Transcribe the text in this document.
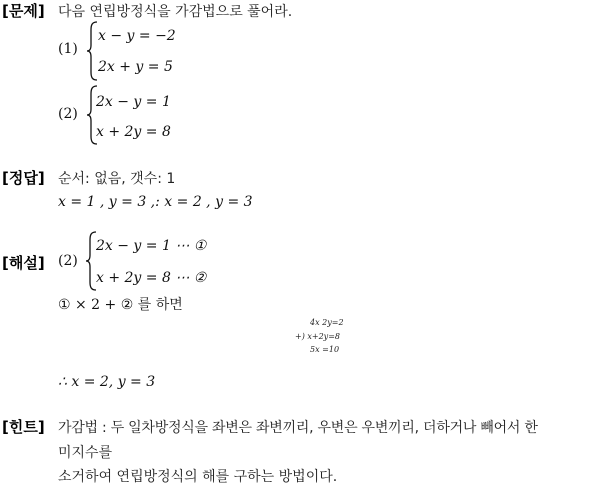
[문제] 다음 연립방정식을 가감법으로 풀어라.
(1)
x − y = −2
2x + y = 5
(2)
2x − y = 1
x + 2y = 8
[정답] 순서: 없음, 갯수: 1
x = 1 , y = 3 ,: x = 2 , y = 3
[해설] (2)
2x − y = 1 ⋯ ①
x + 2y = 8 ⋯ ②
① × 2 + ② 를 하면
4x 2y=2
+) x+2y=8
5x =10
∴ x = 2, y = 3
[힌트] 가감법 : 두 일차방정식을 좌변은 좌변끼리, 우변은 우변끼리, 더하거나 빼어서 한
미지수를
소거하여 연립방정식의 해를 구하는 방법이다.
